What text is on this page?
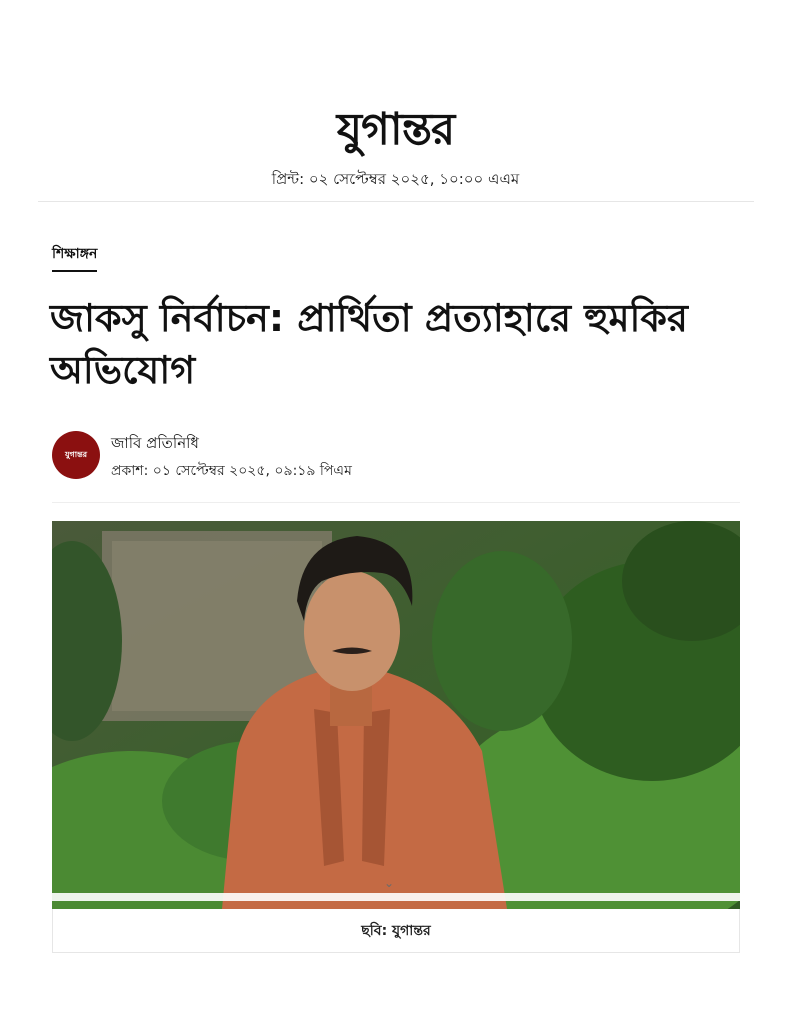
যুগান্তর
প্রিন্ট: ০২ সেপ্টেম্বর ২০২৫, ১০:০০ এএম
শিক্ষাঙ্গন
জাকসু নির্বাচন: প্রার্থিতা প্রত্যাহারে হুমকির অভিযোগ
যুগান্তর
জাবি প্রতিনিধি
প্রকাশ: ০১ সেপ্টেম্বর ২০২৫, ০৯:১৯ পিএম
⌄
ছবি: যুগান্তর
